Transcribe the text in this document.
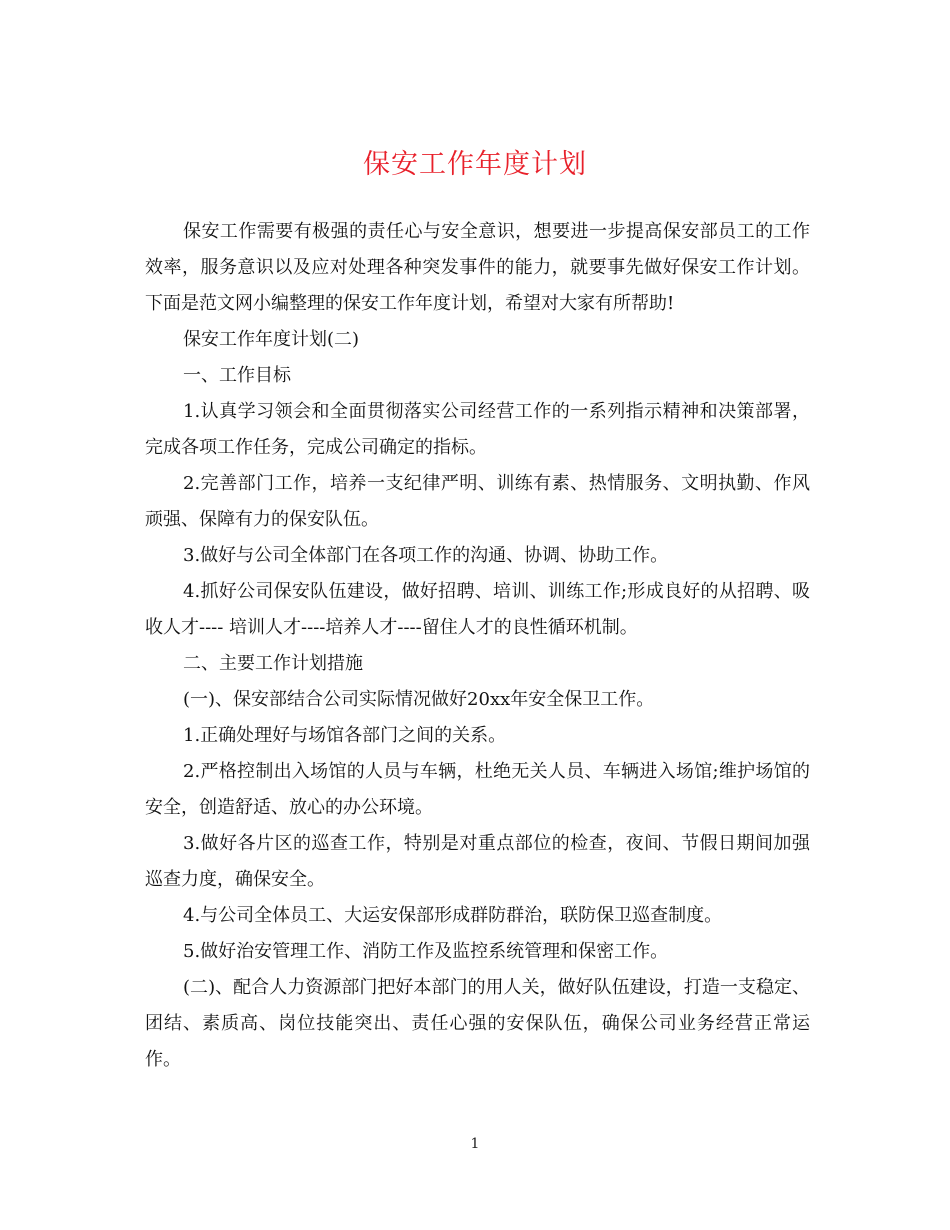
保安工作年度计划

保安工作需要有极强的责任心与安全意识，想要进一步提高保安部员工的工作效率，服务意识以及应对处理各种突发事件的能力，就要事先做好保安工作计划。下面是范文网小编整理的保安工作年度计划，希望对大家有所帮助!

保安工作年度计划(二)

一、工作目标

1.认真学习领会和全面贯彻落实公司经营工作的一系列指示精神和决策部署，完成各项工作任务，完成公司确定的指标。

2.完善部门工作，培养一支纪律严明、训练有素、热情服务、文明执勤、作风顽强、保障有力的保安队伍。

3.做好与公司全体部门在各项工作的沟通、协调、协助工作。

4.抓好公司保安队伍建设，做好招聘、培训、训练工作;形成良好的从招聘、吸收人才---- 培训人才----培养人才----留住人才的良性循环机制。

二、主要工作计划措施

(一)、保安部结合公司实际情况做好20xx年安全保卫工作。

1.正确处理好与场馆各部门之间的关系。

2.严格控制出入场馆的人员与车辆，杜绝无关人员、车辆进入场馆;维护场馆的安全，创造舒适、放心的办公环境。

3.做好各片区的巡查工作，特别是对重点部位的检查，夜间、节假日期间加强巡查力度，确保安全。

4.与公司全体员工、大运安保部形成群防群治，联防保卫巡查制度。

5.做好治安管理工作、消防工作及监控系统管理和保密工作。

(二)、配合人力资源部门把好本部门的用人关，做好队伍建设，打造一支稳定、团结、素质高、岗位技能突出、责任心强的安保队伍，确保公司业务经营正常运作。

1
